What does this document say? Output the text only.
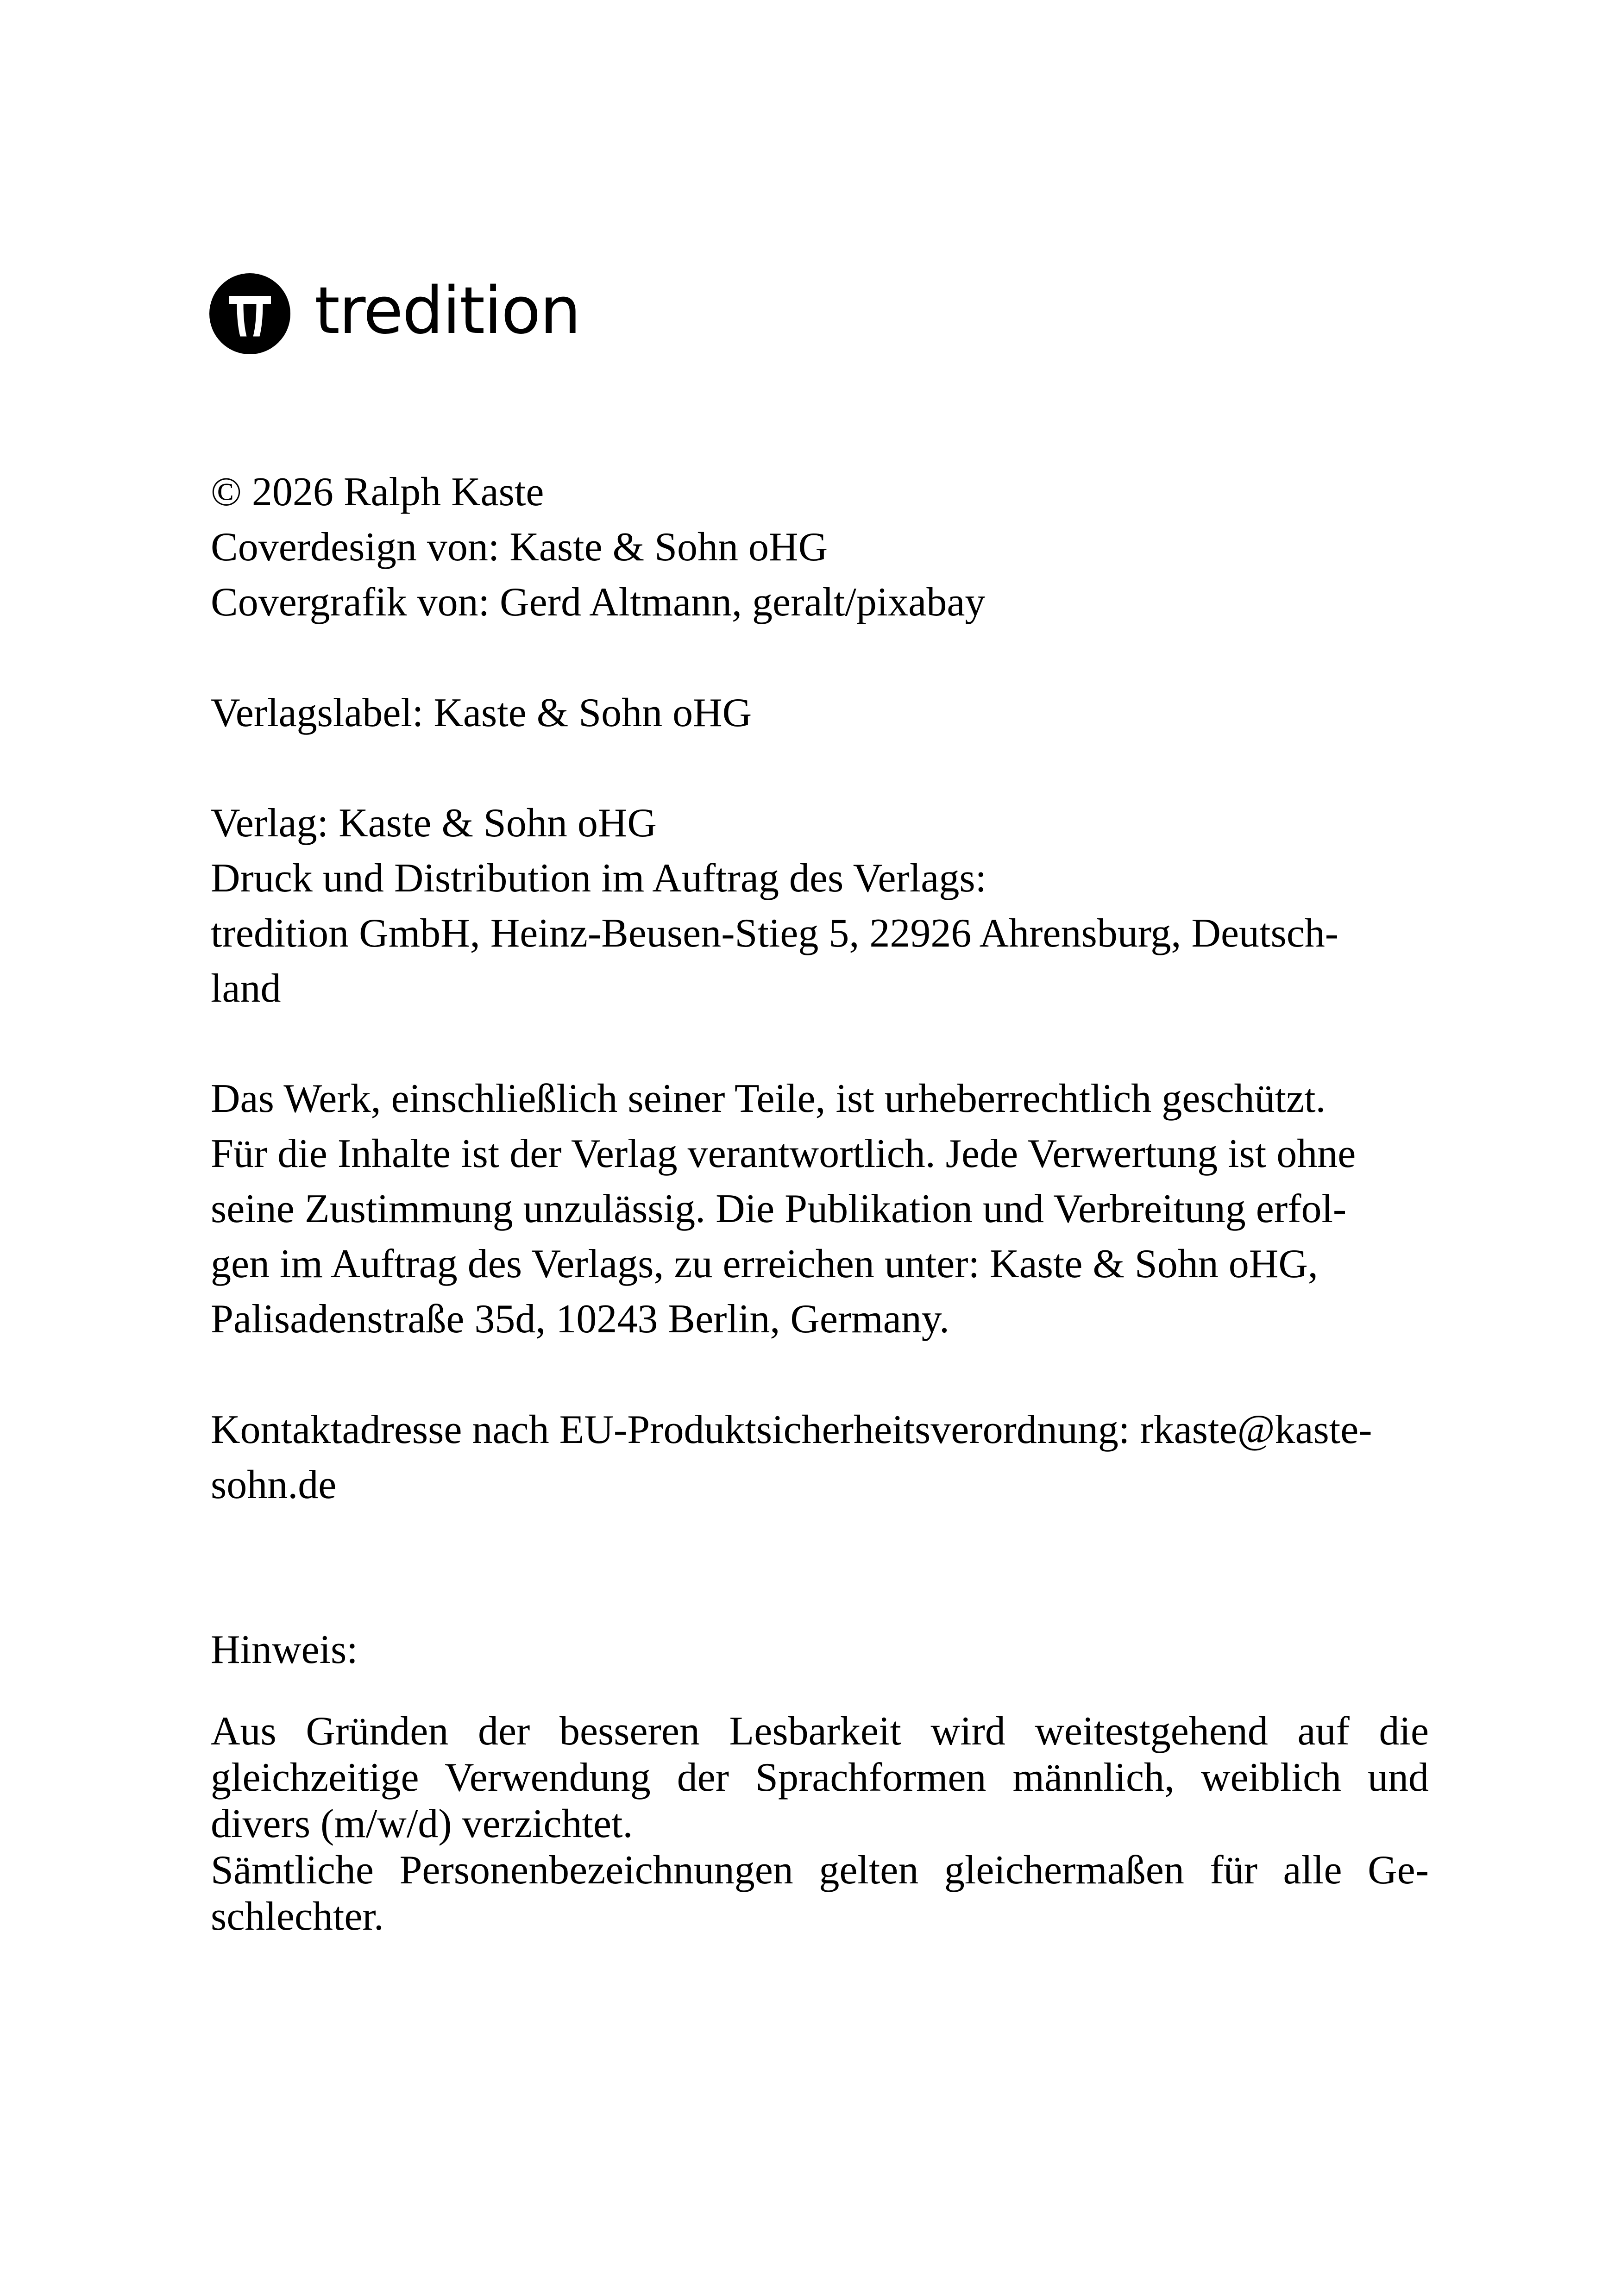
tredition
© 2026 Ralph Kaste
Coverdesign von: Kaste & Sohn oHG
Covergrafik von: Gerd Altmann, geralt/pixabay
Verlagslabel: Kaste & Sohn oHG
Verlag: Kaste & Sohn oHG
Druck und Distribution im Auftrag des Verlags:
tredition GmbH, Heinz-Beusen-Stieg 5, 22926 Ahrensburg, Deutsch-
land
Das Werk, einschließlich seiner Teile, ist urheberrechtlich geschützt.
Für die Inhalte ist der Verlag verantwortlich. Jede Verwertung ist ohne
seine Zustimmung unzulässig. Die Publikation und Verbreitung erfol-
gen im Auftrag des Verlags, zu erreichen unter: Kaste & Sohn oHG,
Palisadenstraße 35d, 10243 Berlin, Germany.
Kontaktadresse nach EU-Produktsicherheitsverordnung: rkaste@kaste-
sohn.de
Hinweis:
Aus Gründen der besseren Lesbarkeit wird weitestgehend auf die
gleichzeitige Verwendung der Sprachformen männlich, weiblich und
divers (m/w/d) verzichtet.
Sämtliche Personenbezeichnungen gelten gleichermaßen für alle Ge-
schlechter.
